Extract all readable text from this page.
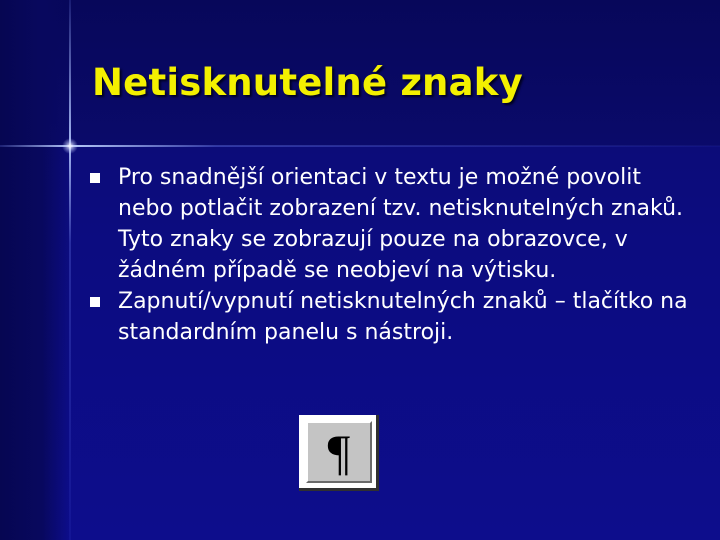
Netisknutelné znaky
Pro snadnější orientaci v textu je možné povolit nebo potlačit zobrazení tzv. netisknutelných znaků. Tyto znaky se zobrazují pouze na obrazovce, v žádném případě se neobjeví na výtisku.
Zapnutí/vypnutí netisknutelných znaků – tlačítko na standardním panelu s nástroji.
¶
